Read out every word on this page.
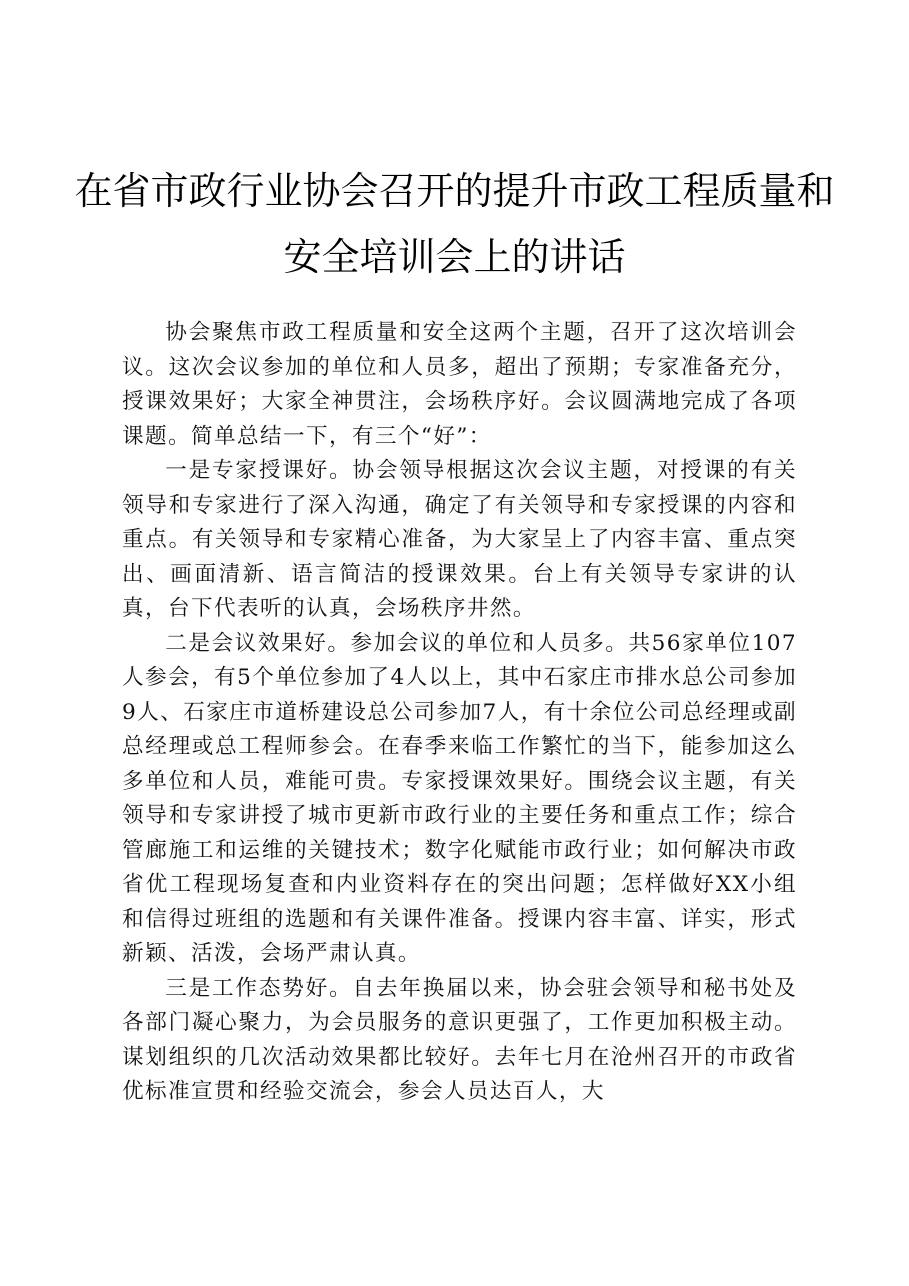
在省市政行业协会召开的提升市政工程质量和
安全培训会上的讲话

协会聚焦市政工程质量和安全这两个主题，召开了这次培训会议。这次会议参加的单位和人员多，超出了预期；专家准备充分，授课效果好；大家全神贯注，会场秩序好。会议圆满地完成了各项课题。简单总结一下，有三个“好”：

一是专家授课好。协会领导根据这次会议主题，对授课的有关领导和专家进行了深入沟通，确定了有关领导和专家授课的内容和重点。有关领导和专家精心准备，为大家呈上了内容丰富、重点突出、画面清新、语言简洁的授课效果。台上有关领导专家讲的认真，台下代表听的认真，会场秩序井然。

二是会议效果好。参加会议的单位和人员多。共56家单位107人参会，有5个单位参加了4人以上，其中石家庄市排水总公司参加9人、石家庄市道桥建设总公司参加7人，有十余位公司总经理或副总经理或总工程师参会。在春季来临工作繁忙的当下，能参加这么多单位和人员，难能可贵。专家授课效果好。围绕会议主题，有关领导和专家讲授了城市更新市政行业的主要任务和重点工作；综合管廊施工和运维的关键技术；数字化赋能市政行业；如何解决市政省优工程现场复查和内业资料存在的突出问题；怎样做好XX小组和信得过班组的选题和有关课件准备。授课内容丰富、详实，形式新颖、活泼，会场严肃认真。

三是工作态势好。自去年换届以来，协会驻会领导和秘书处及各部门凝心聚力，为会员服务的意识更强了，工作更加积极主动。谋划组织的几次活动效果都比较好。去年七月在沧州召开的市政省优标准宣贯和经验交流会，参会人员达百人，大
